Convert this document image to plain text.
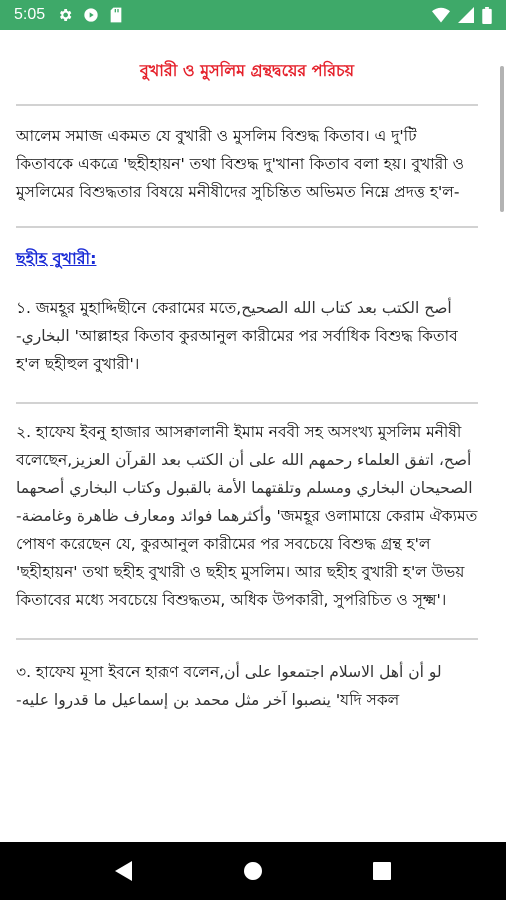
5:05
বুখারী ও মুসলিম গ্রন্থদ্বয়ের পরিচয়

আলেম সমাজ একমত যে বুখারী ও মুসলিম বিশুদ্ধ কিতাব। এ দু'টি কিতাবকে একত্রে 'ছহীহায়ন' তথা বিশুদ্ধ দু'খানা কিতাব বলা হয়। বুখারী ও মুসলিমের বিশুদ্ধতার বিষয়ে মনীষীদের সুচিন্তিত অভিমত নিম্নে প্রদত্ত হ'ল-

ছহীহ বুখারী:

১. জমহূর মুহাদ্দিছীনে কেরামের মতে,أصح الكتب بعد كتاب الله الصحيح البخاري- 'আল্লাহর কিতাব কুরআনুল কারীমের পর সর্বাধিক বিশুদ্ধ কিতাব হ'ল ছহীহুল বুখারী'।

২. হাফেয ইবনু হাজার আসক্বালানী ইমাম নববী সহ অসংখ্য মুসলিম মনীষী বলেছেন,أصح، اتفق العلماء رحمهم الله على أن الكتب بعد القرآن العزيز الصحيحان البخاري ومسلم وتلقتهما الأمة بالقبول وكتاب البخاري أصحهما وأكثرهما فوائد ومعارف ظاهرة وغامضة- 'জমহূর ওলামায়ে কেরাম ঐক্যমত পোষণ করেছেন যে, কুরআনুল কারীমের পর সবচেয়ে বিশুদ্ধ গ্রন্থ হ'ল 'ছহীহায়ন' তথা ছহীহ বুখারী ও ছহীহ মুসলিম। আর ছহীহ বুখারী হ'ল উভয় কিতাবের মধ্যে সবচেয়ে বিশুদ্ধতম, অধিক উপকারী, সুপরিচিত ও সূক্ষ্ম'।

৩. হাফেয মূসা ইবনে হারূণ বলেন,لو أن أهل الاسلام اجتمعوا على أن ينصبوا آخر مثل محمد بن إسماعيل ما قدروا عليه- 'যদি সকল
